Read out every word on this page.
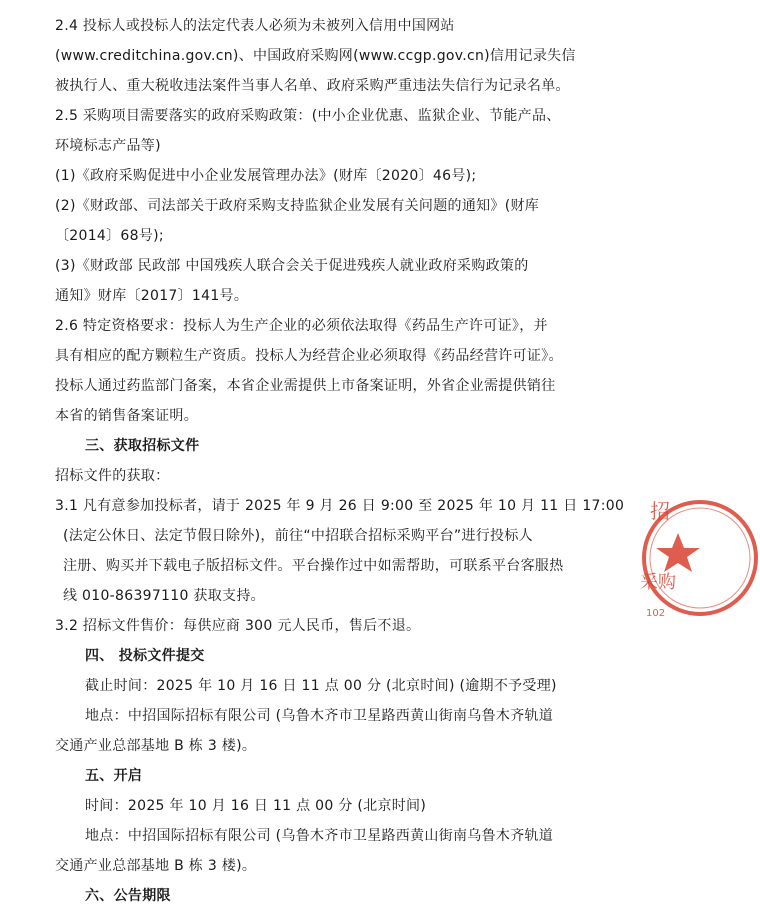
2.4 投标人或投标人的法定代表人必须为未被列入信用中国网站
(www.creditchina.gov.cn)、中国政府采购网(www.ccgp.gov.cn)信用记录失信
被执行人、重大税收违法案件当事人名单、政府采购严重违法失信行为记录名单。
2.5 采购项目需要落实的政府采购政策：(中小企业优惠、监狱企业、节能产品、
环境标志产品等)
(1)《政府采购促进中小企业发展管理办法》(财库〔2020〕46号);
(2)《财政部、司法部关于政府采购支持监狱企业发展有关问题的通知》(财库
〔2014〕68号);
(3)《财政部 民政部 中国残疾人联合会关于促进残疾人就业政府采购政策的
通知》财库〔2017〕141号。
2.6 特定资格要求：投标人为生产企业的必须依法取得《药品生产许可证》，并
具有相应的配方颗粒生产资质。投标人为经营企业必须取得《药品经营许可证》。
投标人通过药监部门备案，本省企业需提供上市备案证明，外省企业需提供销往
本省的销售备案证明。
三、获取招标文件
招标文件的获取：
3.1 凡有意参加投标者，请于 2025 年 9 月 26 日 9:00 至 2025 年 10 月 11 日 17:00
(法定公休日、法定节假日除外)，前往“中招联合招标采购平台”进行投标人
注册、购买并下载电子版招标文件。平台操作过中如需帮助，可联系平台客服热
线 010-86397110 获取支持。
3.2 招标文件售价：每供应商 300 元人民币，售后不退。
四、 投标文件提交
截止时间：2025 年 10 月 16 日 11 点 00 分 (北京时间) (逾期不予受理)
地点：中招国际招标有限公司 (乌鲁木齐市卫星路西黄山街南乌鲁木齐轨道
交通产业总部基地 B 栋 3 楼)。
五、开启
时间：2025 年 10 月 16 日 11 点 00 分 (北京时间)
地点：中招国际招标有限公司 (乌鲁木齐市卫星路西黄山街南乌鲁木齐轨道
交通产业总部基地 B 栋 3 楼)。
六、公告期限
招
采购
102
